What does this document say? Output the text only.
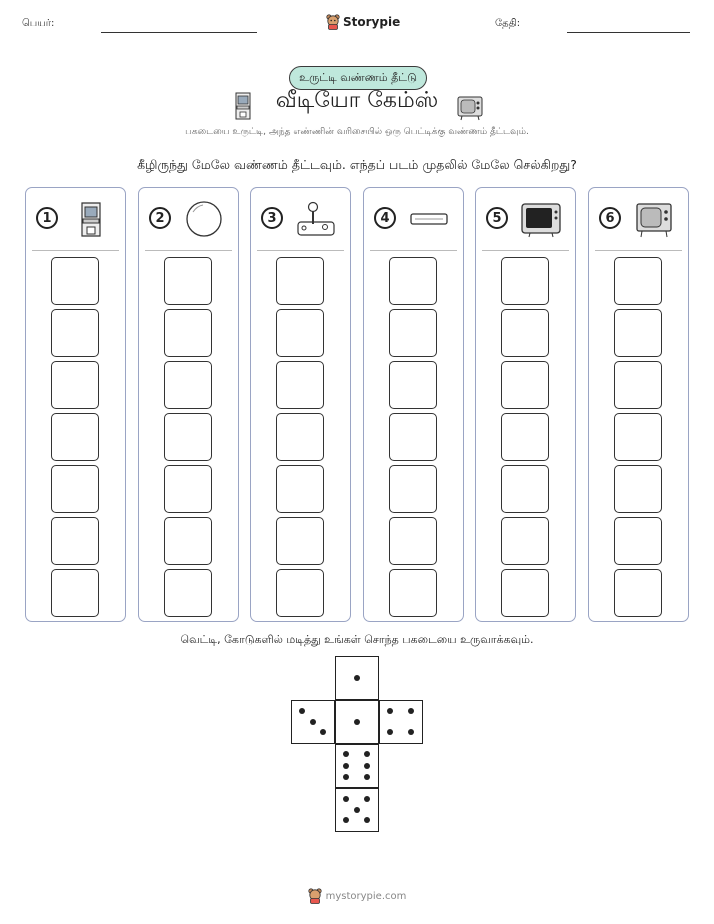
பெயர்:	Storypie	தேதி:
உருட்டி வண்ணம் தீட்டு
வீடியோ கேம்ஸ்
பகடையை உருட்டி, அந்த எண்ணின் வரிசையில் ஒரு பெட்டிக்கு வண்ணம் தீட்டவும்.
கீழிருந்து மேலே வண்ணம் தீட்டவும். எந்தப் படம் முதலில் மேலே செல்கிறது?
1	2	3	4	5	6
வெட்டி, கோடுகளில் மடித்து உங்கள் சொந்த பகடையை உருவாக்கவும்.
mystorypie.com
